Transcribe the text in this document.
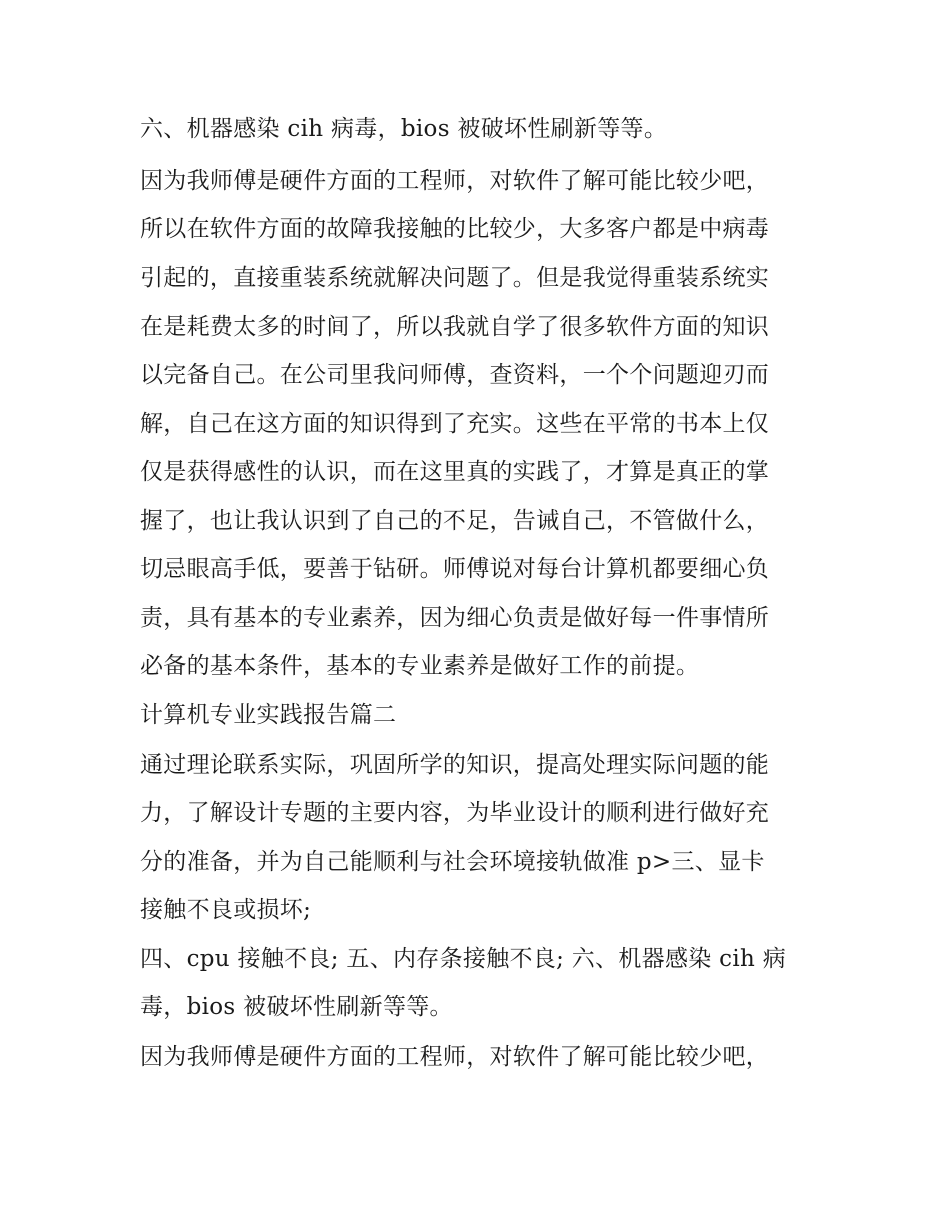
六、机器感染 cih 病毒，bios 被破坏性刷新等等。
因为我师傅是硬件方面的工程师，对软件了解可能比较少吧，
所以在软件方面的故障我接触的比较少，大多客户都是中病毒
引起的，直接重装系统就解决问题了。但是我觉得重装系统实
在是耗费太多的时间了，所以我就自学了很多软件方面的知识
以完备自己。在公司里我问师傅，查资料，一个个问题迎刃而
解，自己在这方面的知识得到了充实。这些在平常的书本上仅
仅是获得感性的认识，而在这里真的实践了，才算是真正的掌
握了，也让我认识到了自己的不足，告诫自己，不管做什么，
切忌眼高手低，要善于钻研。师傅说对每台计算机都要细心负
责，具有基本的专业素养，因为细心负责是做好每一件事情所
必备的基本条件，基本的专业素养是做好工作的前提。
计算机专业实践报告篇二
通过理论联系实际，巩固所学的知识，提高处理实际问题的能
力，了解设计专题的主要内容，为毕业设计的顺利进行做好充
分的准备，并为自己能顺利与社会环境接轨做准 p>三、显卡
接触不良或损坏;
四、cpu 接触不良; 五、内存条接触不良; 六、机器感染 cih 病
毒，bios 被破坏性刷新等等。
因为我师傅是硬件方面的工程师，对软件了解可能比较少吧，
